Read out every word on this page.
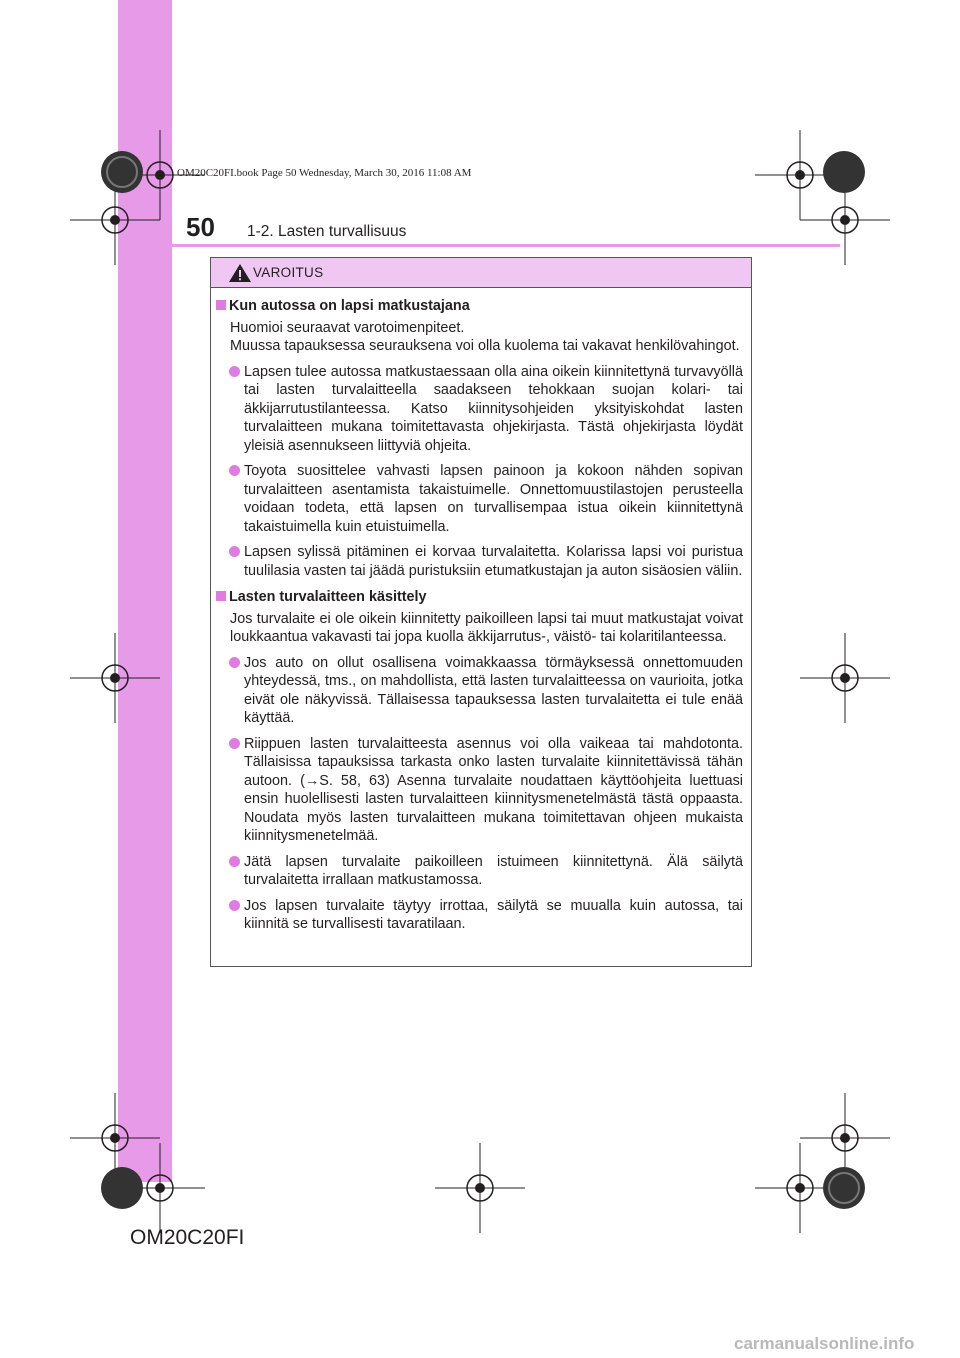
OM20C20FI.book Page 50 Wednesday, March 30, 2016 11:08 AM
50 1-2. Lasten turvallisuus
VAROITUS
Kun autossa on lapsi matkustajana
Huomioi seuraavat varotoimenpiteet.
Muussa tapauksessa seurauksena voi olla kuolema tai vakavat henkilövahingot.
Lapsen tulee autossa matkustaessaan olla aina oikein kiinnitettynä turvavyöllä tai lasten turvalaitteella saadakseen tehokkaan suojan kolari- tai äkkijarrutustilanteessa. Katso kiinnitysohjeiden yksityiskohdat lasten turvalaitteen mukana toimitettavasta ohjekirjasta. Tästä ohjekirjasta löydät yleisiä asennukseen liittyviä ohjeita.
Toyota suosittelee vahvasti lapsen painoon ja kokoon nähden sopivan turvalaitteen asentamista takaistuimelle. Onnettomuustilastojen perusteella voidaan todeta, että lapsen on turvallisempaa istua oikein kiinnitettynä takaistuimella kuin etuistuimella.
Lapsen sylissä pitäminen ei korvaa turvalaitetta. Kolarissa lapsi voi puristua tuulilasia vasten tai jäädä puristuksiin etumatkustajan ja auton sisäosien väliin.
Lasten turvalaitteen käsittely
Jos turvalaite ei ole oikein kiinnitetty paikoilleen lapsi tai muut matkustajat voivat loukkaantua vakavasti tai jopa kuolla äkkijarrutus-, väistö- tai kolaritilanteessa.
Jos auto on ollut osallisena voimakkaassa törmäyksessä onnettomuuden yhteydessä, tms., on mahdollista, että lasten turvalaitteessa on vaurioita, jotka eivät ole näkyvissä. Tällaisessa tapauksessa lasten turvalaitetta ei tule enää käyttää.
Riippuen lasten turvalaitteesta asennus voi olla vaikeaa tai mahdotonta. Tällaisissa tapauksissa tarkasta onko lasten turvalaite kiinnitettävissä tähän autoon. (→S. 58, 63) Asenna turvalaite noudattaen käyttöohjeita luettuasi ensin huolellisesti lasten turvalaitteen kiinnitysmenetelmästä tästä oppaasta. Noudata myös lasten turvalaitteen mukana toimitettavan ohjeen mukaista kiinnitysmenetelmää.
Jätä lapsen turvalaite paikoilleen istuimeen kiinnitettynä. Älä säilytä turvalaitetta irrallaan matkustamossa.
Jos lapsen turvalaite täytyy irrottaa, säilytä se muualla kuin autossa, tai kiinnitä se turvallisesti tavaratilaan.
OM20C20FI
carmanualsonline.info
